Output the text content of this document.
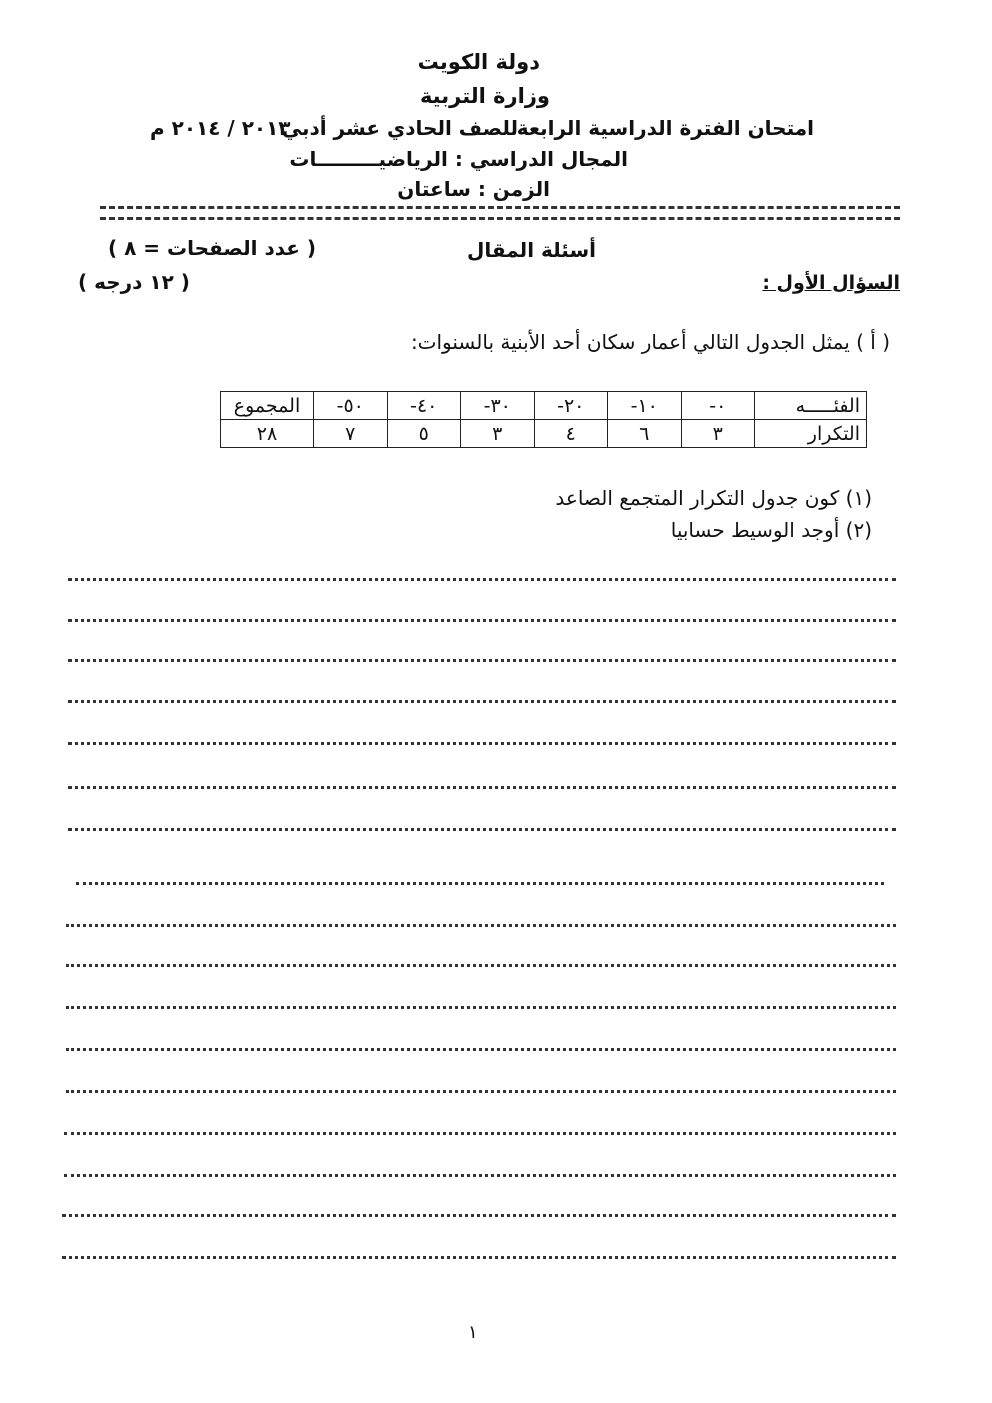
دولة الكويت
وزارة التربية
امتحان الفترة الدراسية الرابعة
للصف الحادي عشر أدبي
٢٠١٣ / ٢٠١٤ م
المجال الدراسي : الرياضيـــــــــات
الزمن : ساعتان
أسئلة المقال
( عدد الصفحات = ٨ )
السؤال الأول :
( ١٢ درجه )
( أ ) يمثل الجدول التالي أعمار سكان أحد الأبنية بالسنوات:
الفئـــــه	٠-	١٠-	٢٠-	٣٠-	٤٠-	٥٠-	المجموع
التكرار	٣	٦	٤	٣	٥	٧	٢٨
(١) كون جدول التكرار المتجمع الصاعد
(٢) أوجد الوسيط حسابيا
١
